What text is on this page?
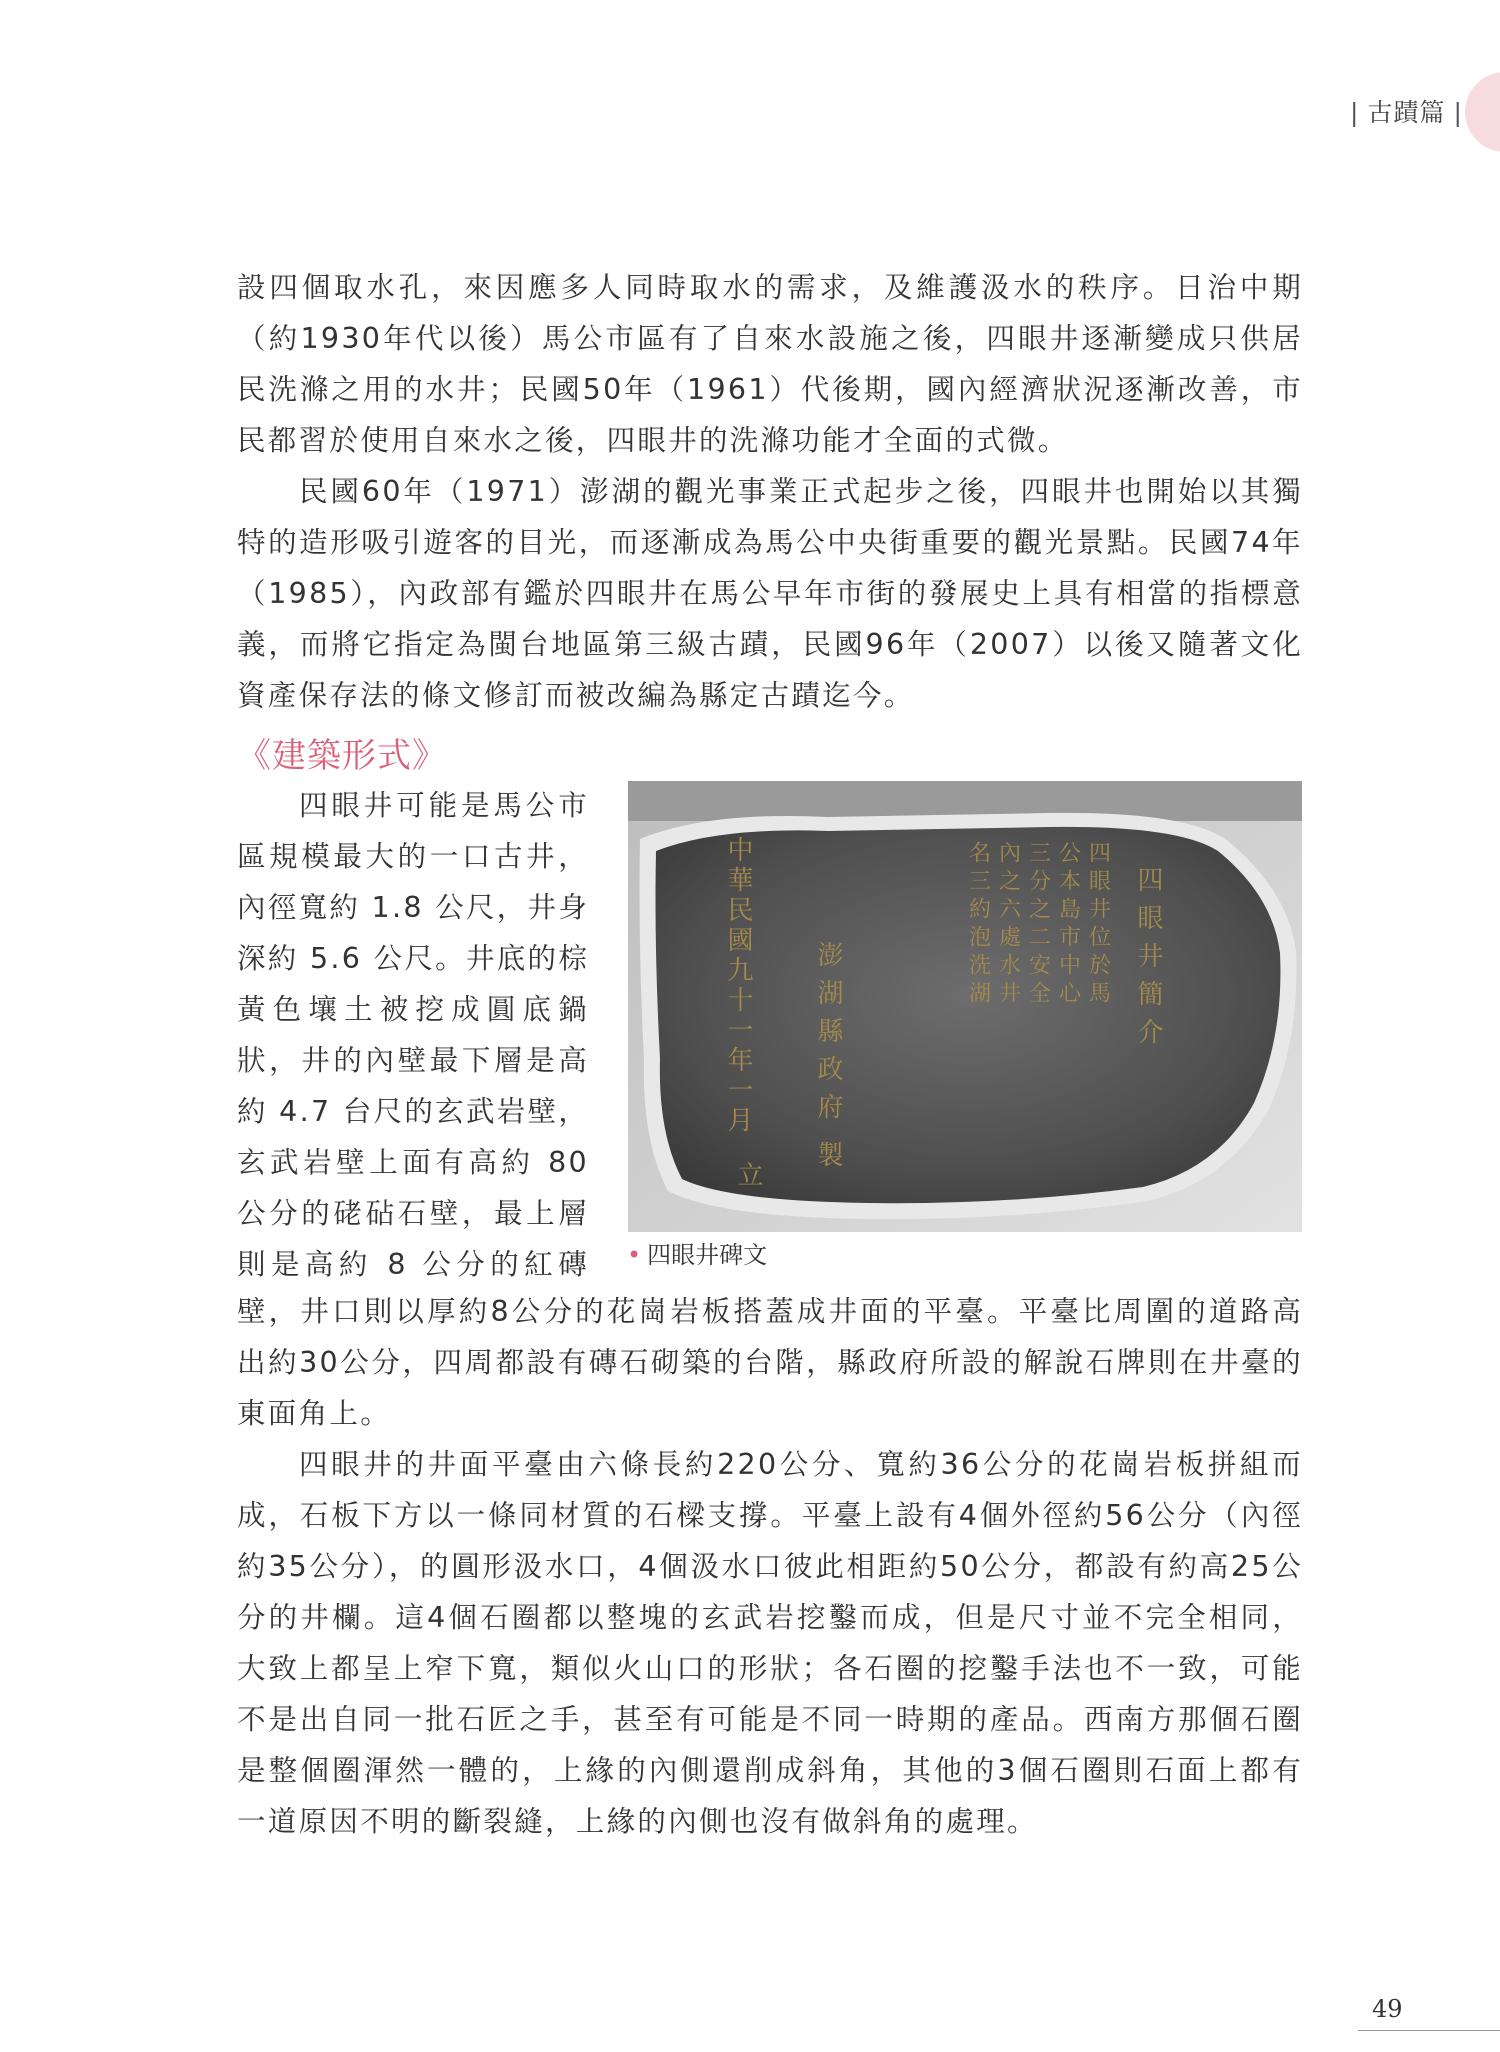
| 古蹟篇 |

設四個取水孔，來因應多人同時取水的需求，及維護汲水的秩序。日治中期（約1930年代以後）馬公市區有了自來水設施之後，四眼井逐漸變成只供居民洗滌之用的水井；民國50年（1961）代後期，國內經濟狀況逐漸改善，市民都習於使用自來水之後，四眼井的洗滌功能才全面的式微。

民國60年（1971）澎湖的觀光事業正式起步之後，四眼井也開始以其獨特的造形吸引遊客的目光，而逐漸成為馬公中央街重要的觀光景點。民國74年（1985），內政部有鑑於四眼井在馬公早年市街的發展史上具有相當的指標意義，而將它指定為閩台地區第三級古蹟，民國96年（2007）以後又隨著文化資產保存法的條文修訂而被改編為縣定古蹟迄今。

《建築形式》
四眼井可能是馬公市
區規模最大的一口古井，
內徑寬約 1.8 公尺，井身
深約 5.6 公尺。井底的棕
黃色壤土被挖成圓底鍋
狀，井的內壁最下層是高
約 4.7 台尺的玄武岩壁，
玄武岩壁上面有高約 80
公分的硓砧石壁，最上層
則是高約 8 公分的紅磚
四眼井簡介
四眼井位於馬
公本島市中心
三分之二安全
內之六處水井
名三約泡洗湖
澎湖縣政府
製
中華民國九十一年一月
立
• 四眼井碑文

壁，井口則以厚約8公分的花崗岩板搭蓋成井面的平臺。平臺比周圍的道路高出約30公分，四周都設有磚石砌築的台階，縣政府所設的解說石牌則在井臺的東面角上。

四眼井的井面平臺由六條長約220公分、寬約36公分的花崗岩板拼組而成，石板下方以一條同材質的石樑支撐。平臺上設有4個外徑約56公分（內徑約35公分），的圓形汲水口，4個汲水口彼此相距約50公分，都設有約高25公分的井欄。這4個石圈都以整塊的玄武岩挖鑿而成，但是尺寸並不完全相同，大致上都呈上窄下寬，類似火山口的形狀；各石圈的挖鑿手法也不一致，可能不是出自同一批石匠之手，甚至有可能是不同一時期的產品。西南方那個石圈是整個圈渾然一體的，上緣的內側還削成斜角，其他的3個石圈則石面上都有一道原因不明的斷裂縫，上緣的內側也沒有做斜角的處理。

49
